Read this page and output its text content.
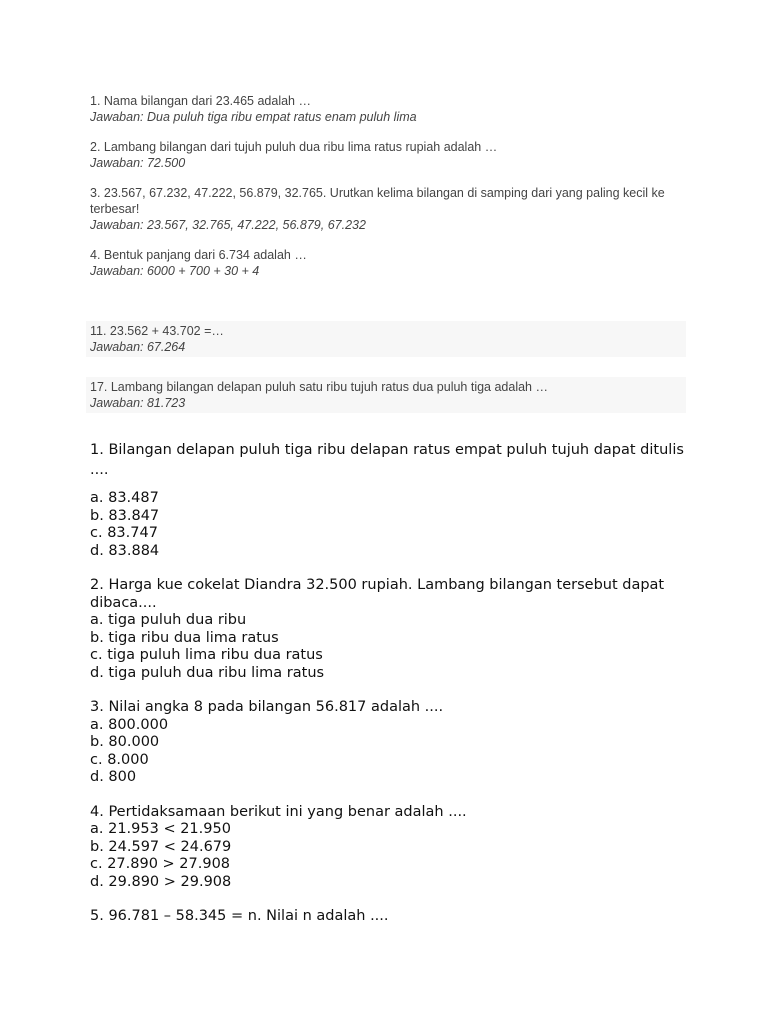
1. Nama bilangan dari 23.465 adalah …
Jawaban: Dua puluh tiga ribu empat ratus enam puluh lima
2. Lambang bilangan dari tujuh puluh dua ribu lima ratus rupiah adalah …
Jawaban: 72.500
3. 23.567, 67.232, 47.222, 56.879, 32.765. Urutkan kelima bilangan di samping dari yang paling kecil ke terbesar!
Jawaban: 23.567, 32.765, 47.222, 56.879, 67.232
4. Bentuk panjang dari 6.734 adalah …
Jawaban: 6000 + 700 + 30 + 4
11. 23.562 + 43.702 =…
Jawaban: 67.264
17. Lambang bilangan delapan puluh satu ribu tujuh ratus dua puluh tiga adalah …
Jawaban: 81.723
1. Bilangan delapan puluh tiga ribu delapan ratus empat puluh tujuh dapat ditulis ....
a. 83.487
b. 83.847
c. 83.747
d. 83.884
2. Harga kue cokelat Diandra 32.500 rupiah. Lambang bilangan tersebut dapat dibaca....
a. tiga puluh dua ribu
b. tiga ribu dua lima ratus
c. tiga puluh lima ribu dua ratus
d. tiga puluh dua ribu lima ratus
3. Nilai angka 8 pada bilangan 56.817 adalah ....
a. 800.000
b. 80.000
c. 8.000
d. 800
4. Pertidaksamaan berikut ini yang benar adalah ....
a. 21.953 < 21.950
b. 24.597 < 24.679
c. 27.890 > 27.908
d. 29.890 > 29.908
5. 96.781 – 58.345 = n. Nilai n adalah ....
